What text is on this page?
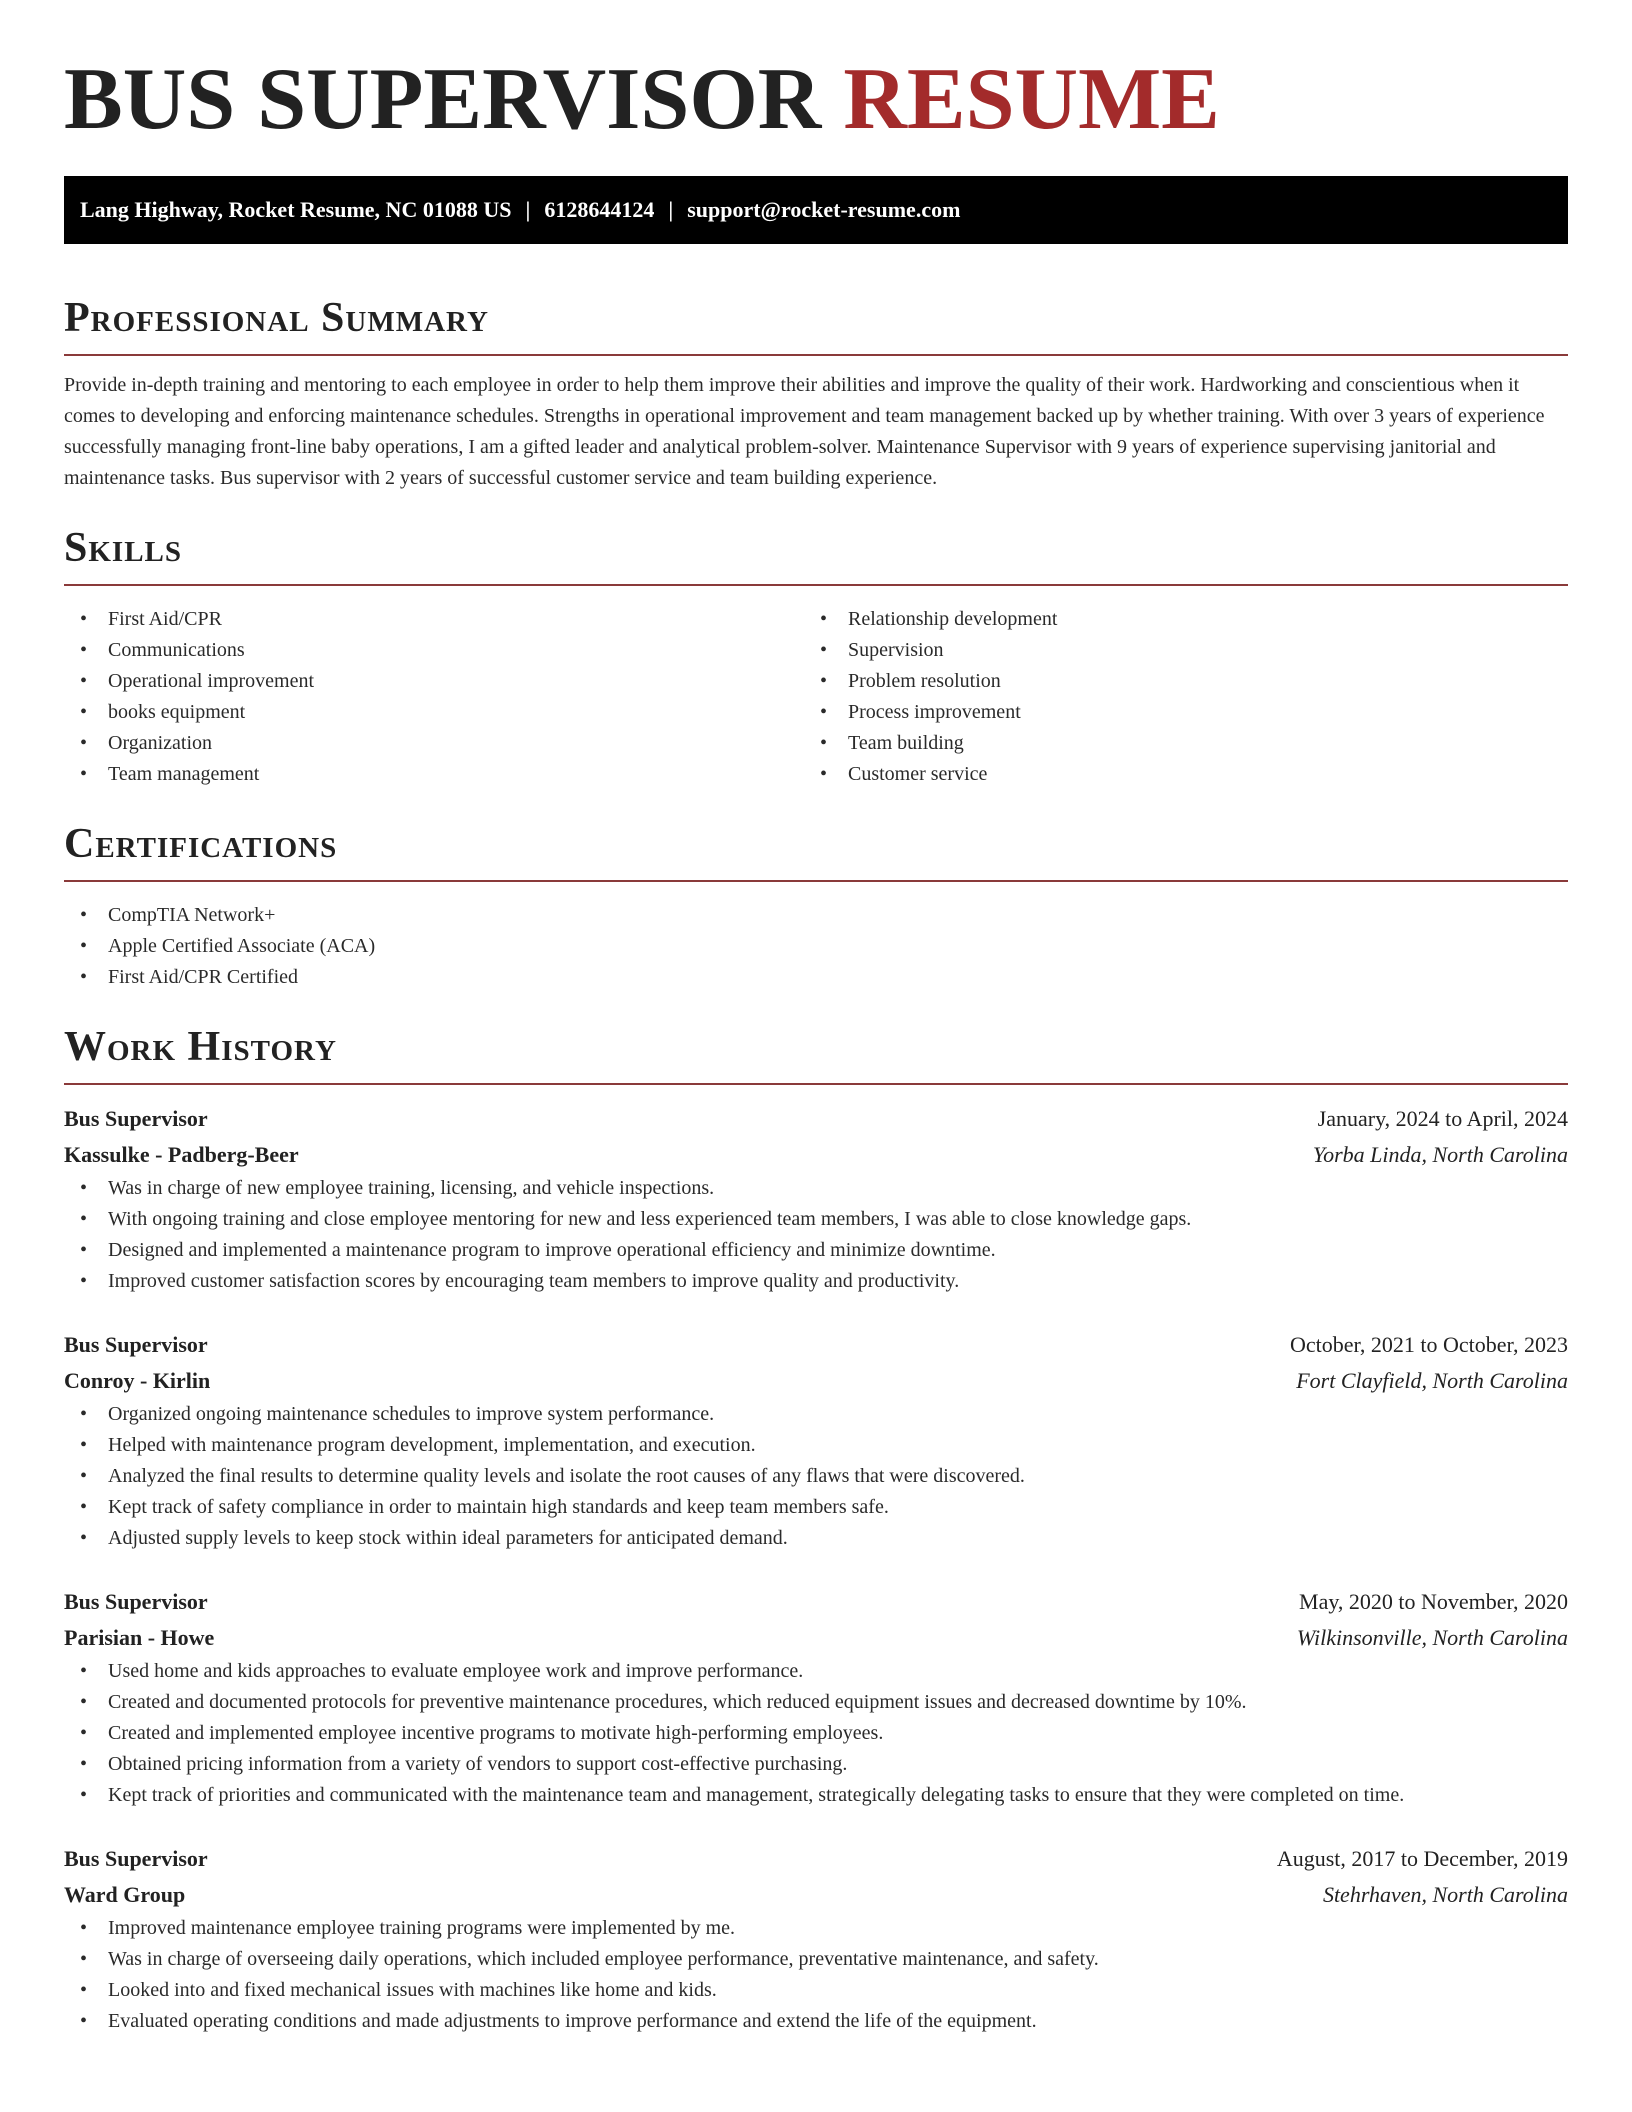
BUS SUPERVISOR RESUME
Lang Highway, Rocket Resume, NC 01088 US | 6128644124 | support@rocket-resume.com
Professional Summary

Provide in-depth training and mentoring to each employee in order to help them improve their abilities and improve the quality of their work. Hardworking and conscientious when it comes to developing and enforcing maintenance schedules. Strengths in operational improvement and team management backed up by whether training. With over 3 years of experience successfully managing front-line baby operations, I am a gifted leader and analytical problem-solver. Maintenance Supervisor with 9 years of experience supervising janitorial and maintenance tasks. Bus supervisor with 2 years of successful customer service and team building experience.

Skills
• First Aid/CPR
• Communications
• Operational improvement
• books equipment
• Organization
• Team management
• Relationship development
• Supervision
• Problem resolution
• Process improvement
• Team building
• Customer service
Certifications
• CompTIA Network+
• Apple Certified Associate (ACA)
• First Aid/CPR Certified
Work History
Bus Supervisor	January, 2024 to April, 2024
Kassulke - Padberg-Beer	Yorba Linda, North Carolina
• Was in charge of new employee training, licensing, and vehicle inspections.
• With ongoing training and close employee mentoring for new and less experienced team members, I was able to close knowledge gaps.
• Designed and implemented a maintenance program to improve operational efficiency and minimize downtime.
• Improved customer satisfaction scores by encouraging team members to improve quality and productivity.
Bus Supervisor	October, 2021 to October, 2023
Conroy - Kirlin	Fort Clayfield, North Carolina
• Organized ongoing maintenance schedules to improve system performance.
• Helped with maintenance program development, implementation, and execution.
• Analyzed the final results to determine quality levels and isolate the root causes of any flaws that were discovered.
• Kept track of safety compliance in order to maintain high standards and keep team members safe.
• Adjusted supply levels to keep stock within ideal parameters for anticipated demand.
Bus Supervisor	May, 2020 to November, 2020
Parisian - Howe	Wilkinsonville, North Carolina
• Used home and kids approaches to evaluate employee work and improve performance.
• Created and documented protocols for preventive maintenance procedures, which reduced equipment issues and decreased downtime by 10%.
• Created and implemented employee incentive programs to motivate high-performing employees.
• Obtained pricing information from a variety of vendors to support cost-effective purchasing.
• Kept track of priorities and communicated with the maintenance team and management, strategically delegating tasks to ensure that they were completed on time.
Bus Supervisor	August, 2017 to December, 2019
Ward Group	Stehrhaven, North Carolina
• Improved maintenance employee training programs were implemented by me.
• Was in charge of overseeing daily operations, which included employee performance, preventative maintenance, and safety.
• Looked into and fixed mechanical issues with machines like home and kids.
• Evaluated operating conditions and made adjustments to improve performance and extend the life of the equipment.
